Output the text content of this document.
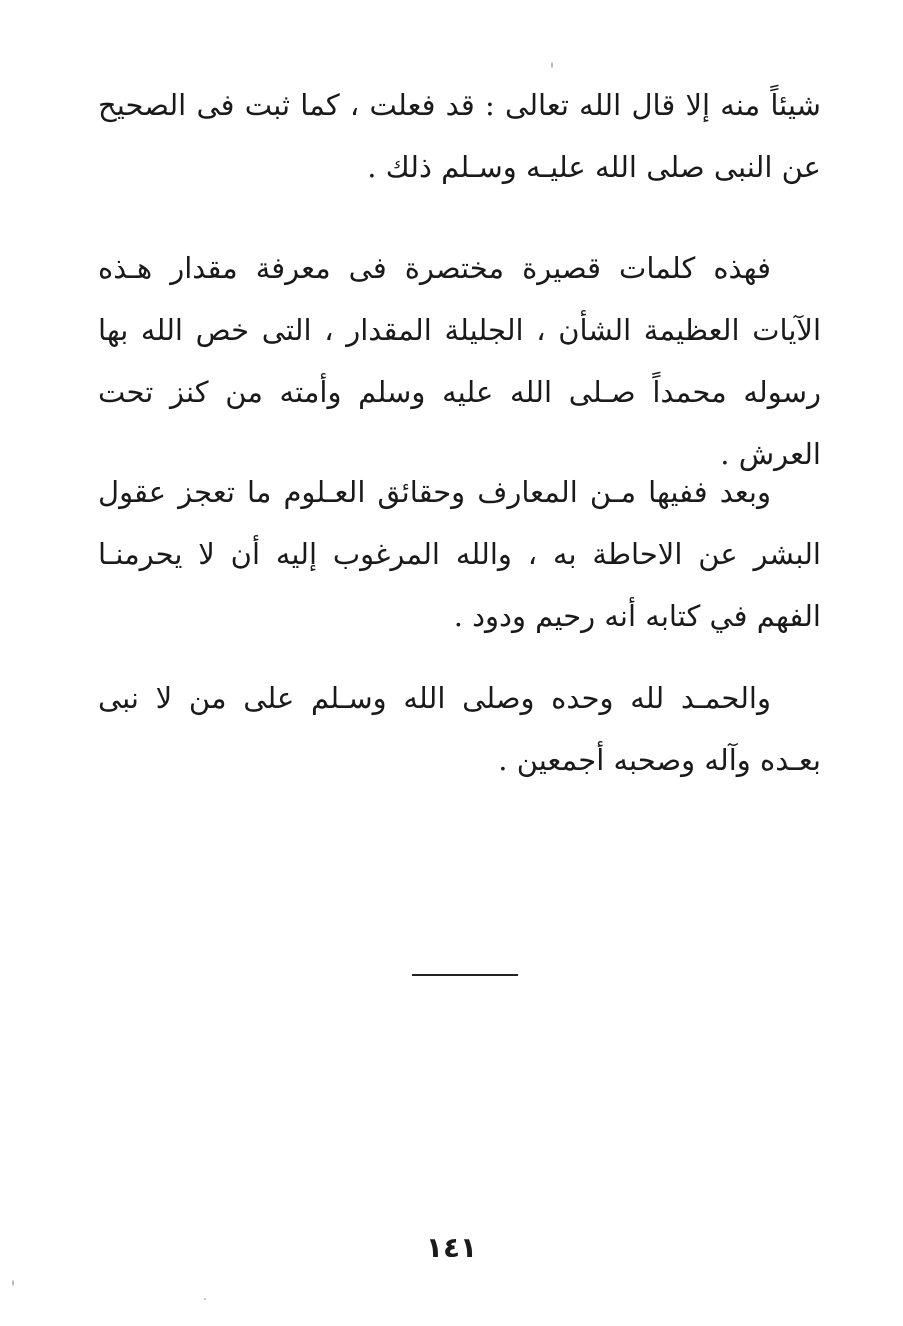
شيئاً منه إلا قال الله تعالى : قد فعلت ، كما ثبت فى الصحيح عن النبى صلى الله عليـه وسـلم ذلك .

فهذه كلمات قصيرة مختصرة فى معرفة مقدار هـذه الآيات العظيمة الشأن ، الجليلة المقدار ، التى خص الله بها رسوله محمداً صـلى الله عليه وسلم وأمته من كنز تحت العرش .

وبعد ففيها مـن المعارف وحقائق العـلوم ما تعجز عقول البشر عن الاحاطة به ، والله المرغوب إليه أن لا يحرمنـا الفهم في كتابه أنه رحيم ودود .

والحمـد لله وحده وصلى الله وسـلم على من لا نبى بعـده وآله وصحبه أجمعين .

١٤١
